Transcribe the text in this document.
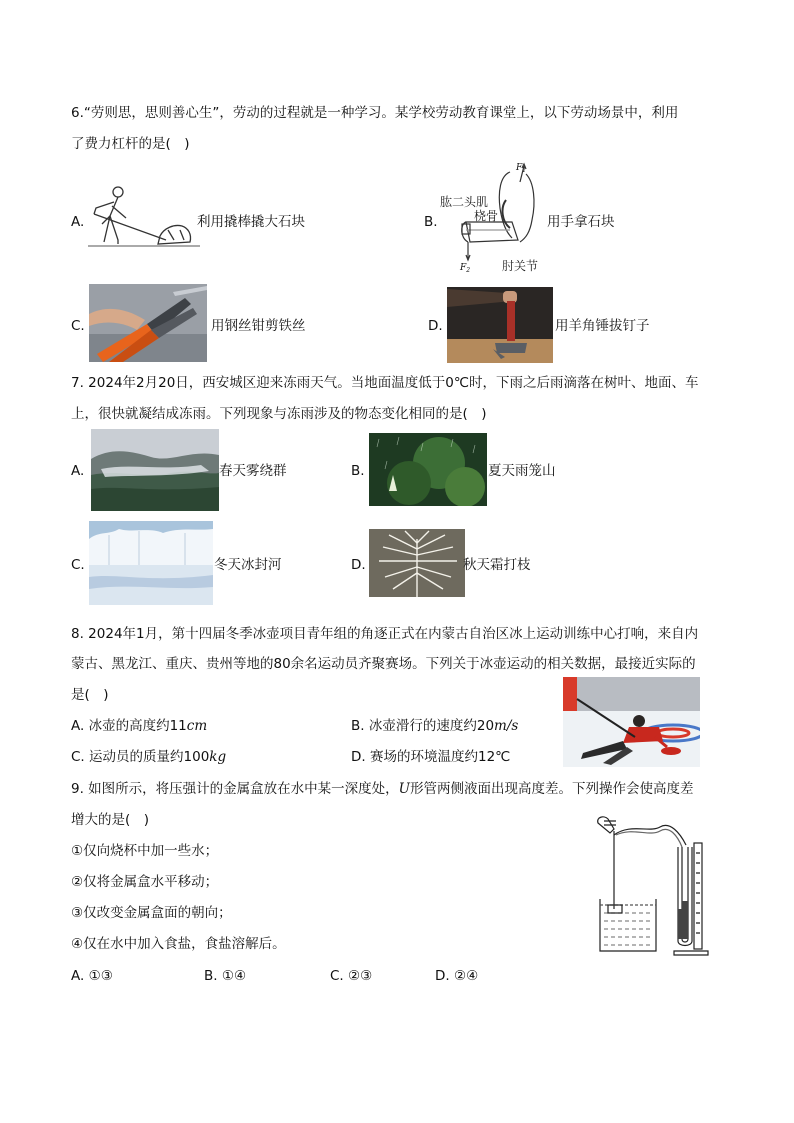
6.“劳则思，思则善心生”，劳动的过程就是一种学习。某学校劳动教育课堂上，以下劳动场景中，利用
了费力杠杆的是(　)
A.	利用撬棒撬大石块	B.
$F_1$
肱二头肌
桡骨
$F_2$	肘关节
用手拿石块
C.	用钢丝钳剪铁丝	D.	用羊角锤拔钉子
7. 2024年2月20日，西安城区迎来冻雨天气。当地面温度低于0℃时，下雨之后雨滴落在树叶、地面、车
上，很快就凝结成冻雨。下列现象与冻雨涉及的物态变化相同的是(　)
A.	春天雾绕群	B.	夏天雨笼山
C.	冬天冰封河	D.	秋天霜打枝
8. 2024年1月，第十四届冬季冰壶项目青年组的角逐正式在内蒙古自治区冰上运动训练中心打响，来自内
蒙古、黑龙江、重庆、贵州等地的80余名运动员齐聚赛场。下列关于冰壶运动的相关数据，最接近实际的
是(　)
A. 冰壶的高度约11cm	B. 冰壶滑行的速度约20m/s
C. 运动员的质量约100kg	D. 赛场的环境温度约12℃
9. 如图所示，将压强计的金属盒放在水中某一深度处，U形管两侧液面出现高度差。下列操作会使高度差
增大的是(　)
①仅向烧杯中加一些水；
②仅将金属盒水平移动；
③仅改变金属盒面的朝向；
④仅在水中加入食盐，食盐溶解后。
A. ①③	B. ①④	C. ②③	D. ②④
